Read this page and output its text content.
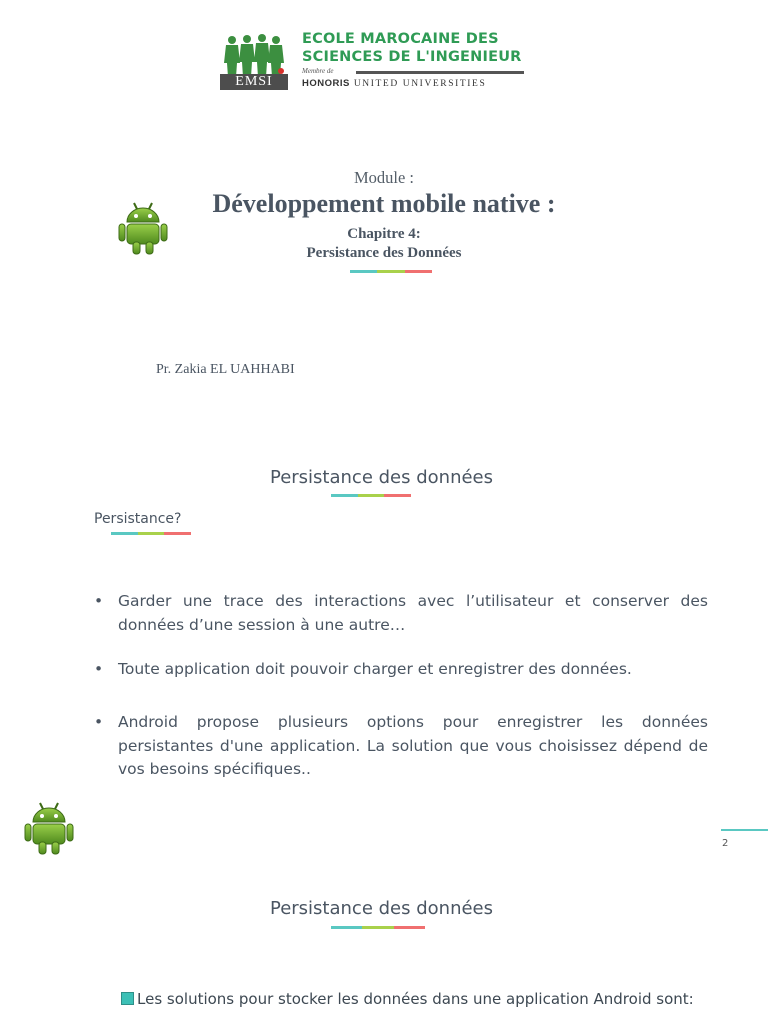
EMSI
ECOLE MAROCAINE DES
SCIENCES DE L'INGENIEUR
Membre de
HONORIS UNITED UNIVERSITIES
Module :
Développement mobile native :
Chapitre 4:
Persistance des Données
Pr. Zakia EL UAHHABI
Persistance des données
Persistance?
• Garder une trace des interactions avec l’utilisateur et conserver des données d’une session à une autre…
• Toute application doit pouvoir charger et enregistrer des données.
• Android propose plusieurs options pour enregistrer les données persistantes d'une application. La solution que vous choisissez dépend de vos besoins spécifiques..
2
Persistance des données
Les solutions pour stocker les données dans une application Android sont:
